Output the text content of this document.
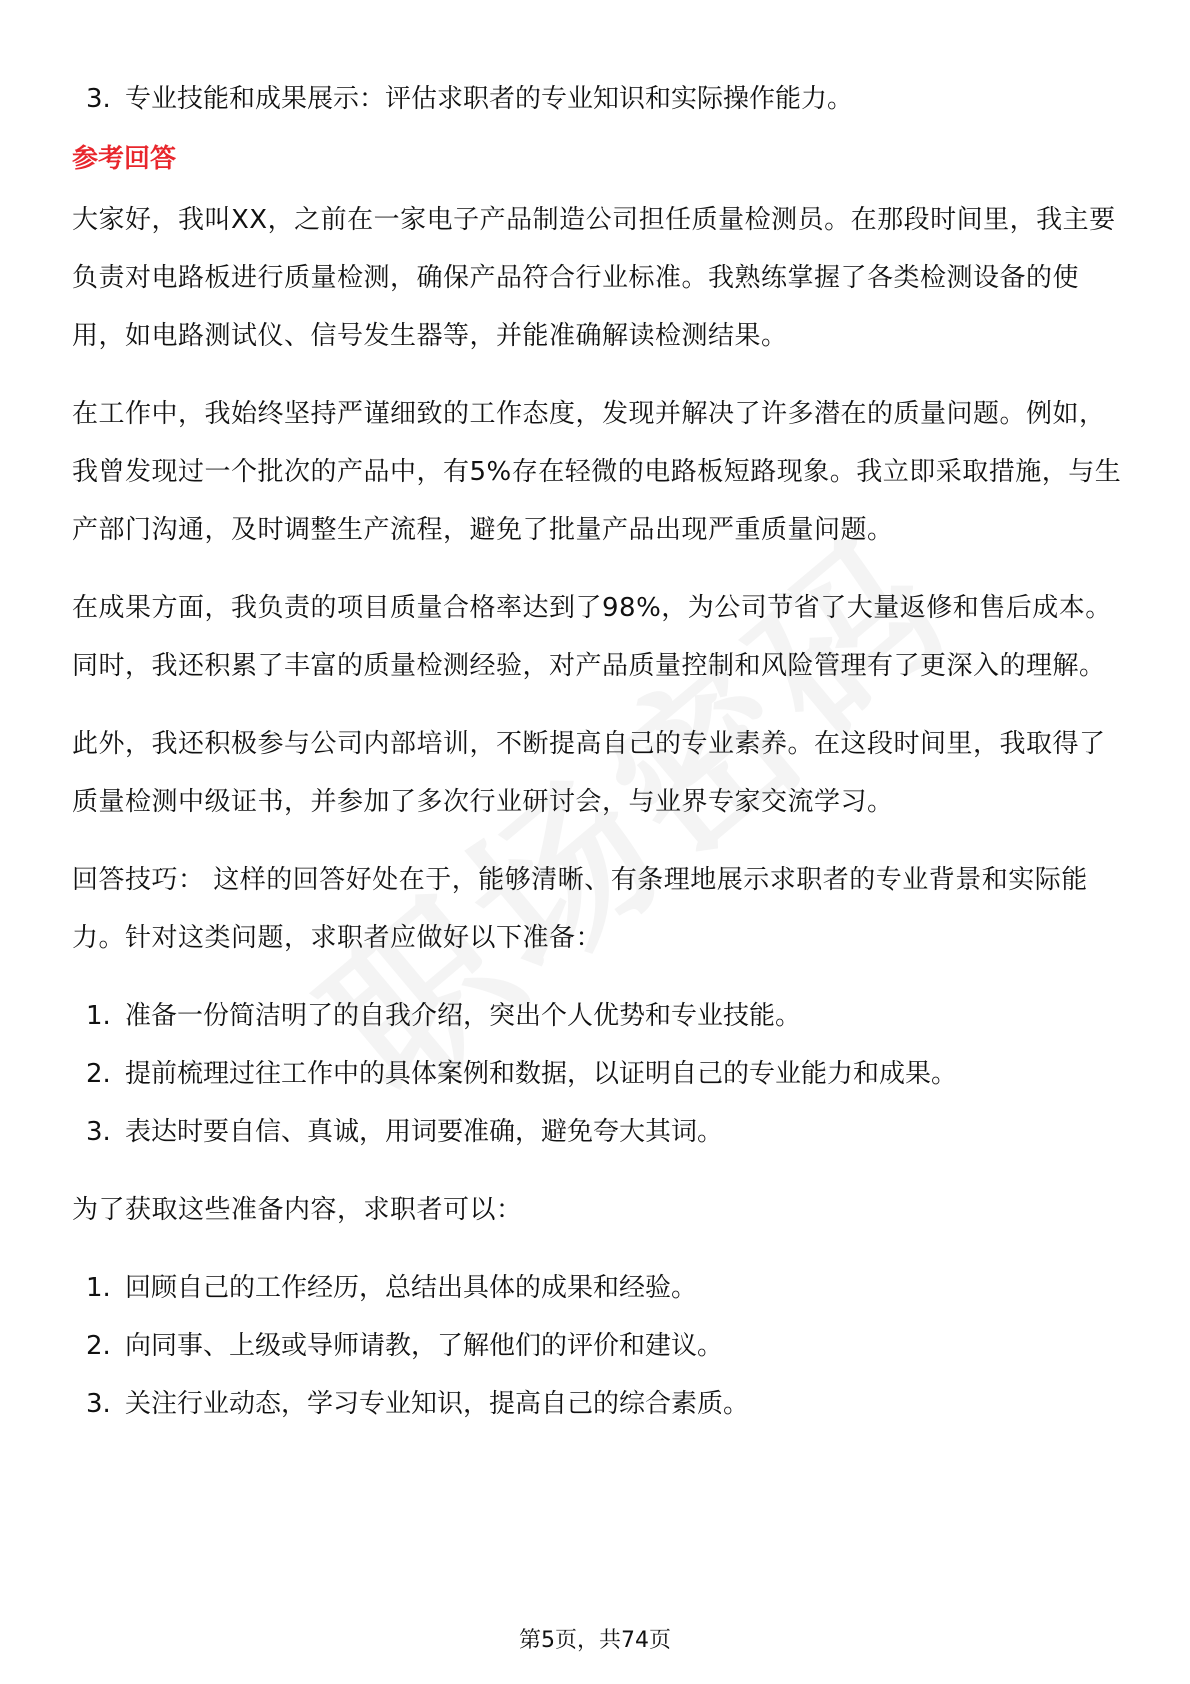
3. 专业技能和成果展示：评估求职者的专业知识和实际操作能力。
参考回答

大家好，我叫XX，之前在一家电子产品制造公司担任质量检测员。在那段时间里，我主要负责对电路板进行质量检测，确保产品符合行业标准。我熟练掌握了各类检测设备的使用，如电路测试仪、信号发生器等，并能准确解读检测结果。

在工作中，我始终坚持严谨细致的工作态度，发现并解决了许多潜在的质量问题。例如，我曾发现过一个批次的产品中，有5%存在轻微的电路板短路现象。我立即采取措施，与生产部门沟通，及时调整生产流程，避免了批量产品出现严重质量问题。

在成果方面，我负责的项目质量合格率达到了98%，为公司节省了大量返修和售后成本。同时，我还积累了丰富的质量检测经验，对产品质量控制和风险管理有了更深入的理解。

此外，我还积极参与公司内部培训，不断提高自己的专业素养。在这段时间里，我取得了质量检测中级证书，并参加了多次行业研讨会，与业界专家交流学习。

回答技巧： 这样的回答好处在于，能够清晰、有条理地展示求职者的专业背景和实际能力。针对这类问题，求职者应做好以下准备：

1. 准备一份简洁明了的自我介绍，突出个人优势和专业技能。
2. 提前梳理过往工作中的具体案例和数据，以证明自己的专业能力和成果。
3. 表达时要自信、真诚，用词要准确，避免夸大其词。

为了获取这些准备内容，求职者可以：

1. 回顾自己的工作经历，总结出具体的成果和经验。
2. 向同事、上级或导师请教，了解他们的评价和建议。
3. 关注行业动态，学习专业知识，提高自己的综合素质。
第5页，共74页
